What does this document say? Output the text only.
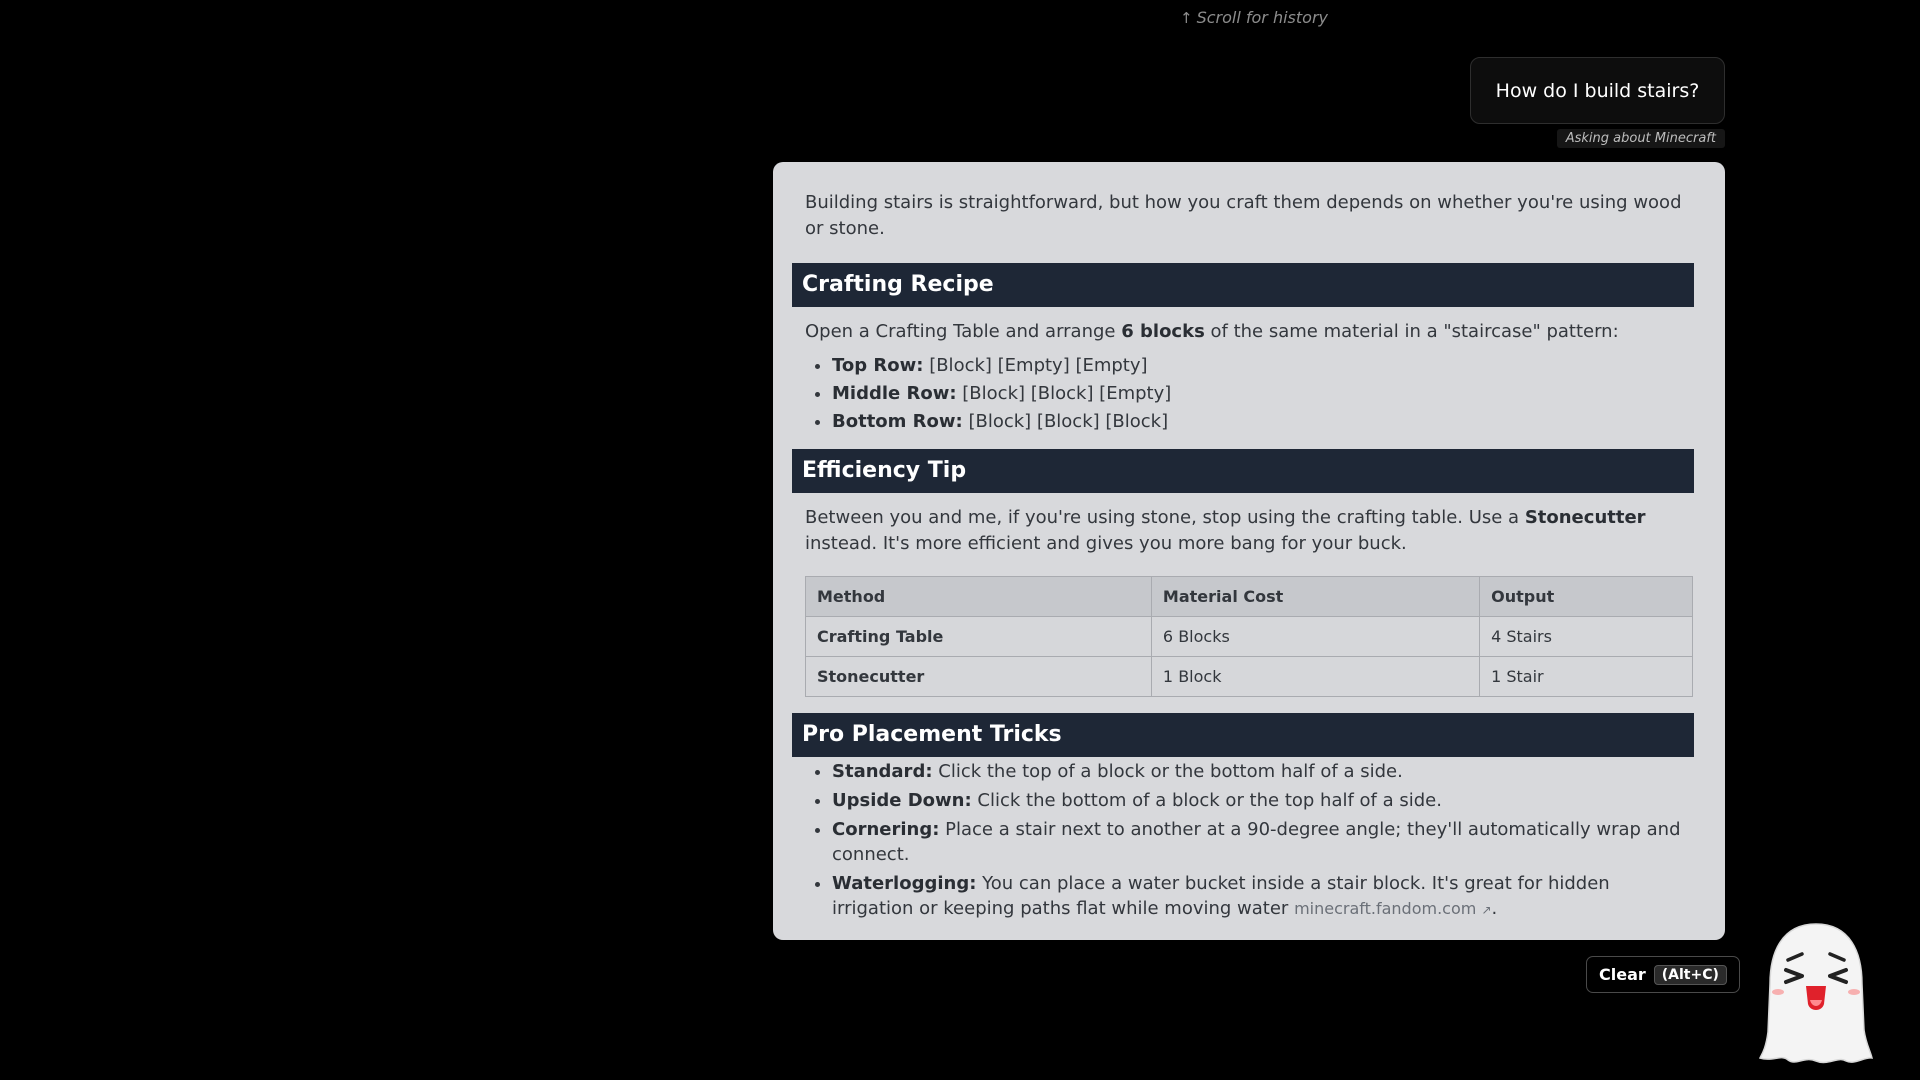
↑ Scroll for history
How do I build stairs?
Asking about Minecraft

Building stairs is straightforward, but how you craft them depends on whether you're using wood or stone.

Crafting Recipe

Open a Crafting Table and arrange 6 blocks of the same material in a "staircase" pattern:

• Top Row: [Block] [Empty] [Empty]
• Middle Row: [Block] [Block] [Empty]
• Bottom Row: [Block] [Block] [Block]
Efficiency Tip

Between you and me, if you're using stone, stop using the crafting table. Use a Stonecutter instead. It's more efficient and gives you more bang for your buck.

Method	Material Cost	Output
Crafting Table	6 Blocks	4 Stairs
Stonecutter	1 Block	1 Stair
Pro Placement Tricks
• Standard: Click the top of a block or the bottom half of a side.
• Upside Down: Click the bottom of a block or the top half of a side.
• Cornering: Place a stair next to another at a 90-degree angle; they'll automatically wrap and connect.
• Waterlogging: You can place a water bucket inside a stair block. It's great for hidden irrigation or keeping paths flat while moving water minecraft.fandom.com ↗.
Clear	(Alt+C)
